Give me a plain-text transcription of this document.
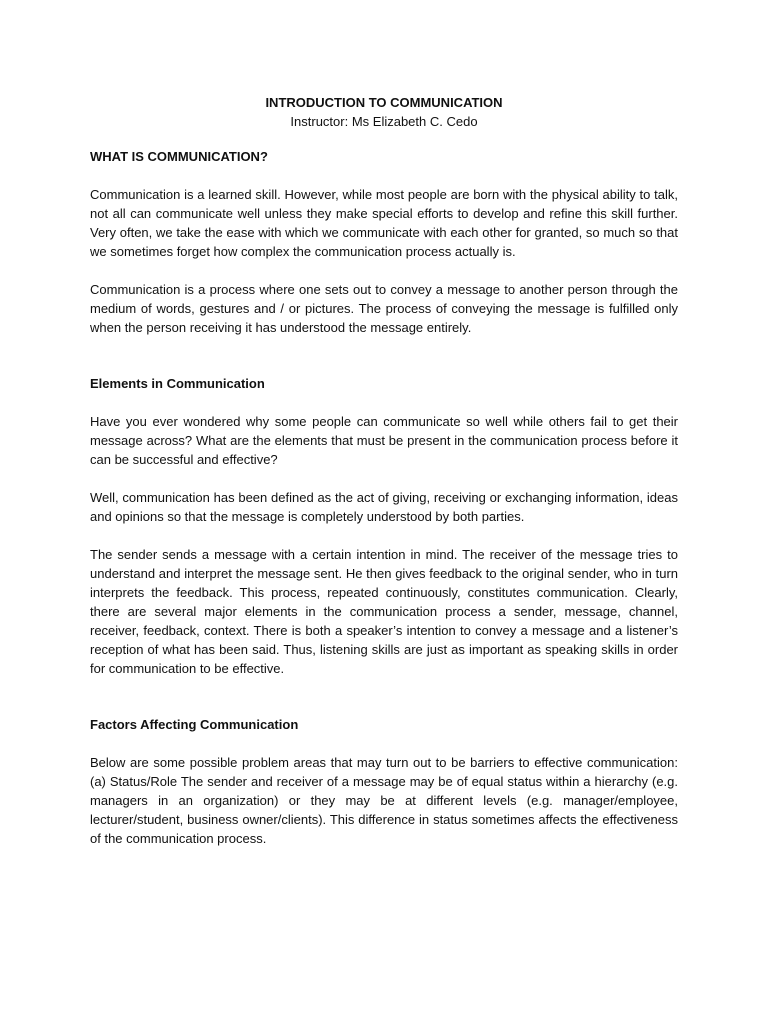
INTRODUCTION TO COMMUNICATION
Instructor: Ms Elizabeth C. Cedo
WHAT IS COMMUNICATION?

Communication is a learned skill. However, while most people are born with the physical ability to talk, not all can communicate well unless they make special efforts to develop and refine this skill further. Very often, we take the ease with which we communicate with each other for granted, so much so that we sometimes forget how complex the communication process actually is.

Communication is a process where one sets out to convey a message to another person through the medium of words, gestures and / or pictures. The process of conveying the message is fulfilled only when the person receiving it has understood the message entirely.

Elements in Communication

Have you ever wondered why some people can communicate so well while others fail to get their message across? What are the elements that must be present in the communication process before it can be successful and effective?

Well, communication has been defined as the act of giving, receiving or exchanging information, ideas and opinions so that the message is completely understood by both parties.

The sender sends a message with a certain intention in mind. The receiver of the message tries to understand and interpret the message sent. He then gives feedback to the original sender, who in turn interprets the feedback. This process, repeated continuously, constitutes communication. Clearly, there are several major elements in the communication process a sender, message, channel, receiver, feedback, context. There is both a speaker’s intention to convey a message and a listener’s reception of what has been said. Thus, listening skills are just as important as speaking skills in order for communication to be effective.

Factors Affecting Communication

Below are some possible problem areas that may turn out to be barriers to effective communication: (a) Status/Role The sender and receiver of a message may be of equal status within a hierarchy (e.g. managers in an organization) or they may be at different levels (e.g. manager/employee, lecturer/student, business owner/clients). This difference in status sometimes affects the effectiveness of the communication process.
